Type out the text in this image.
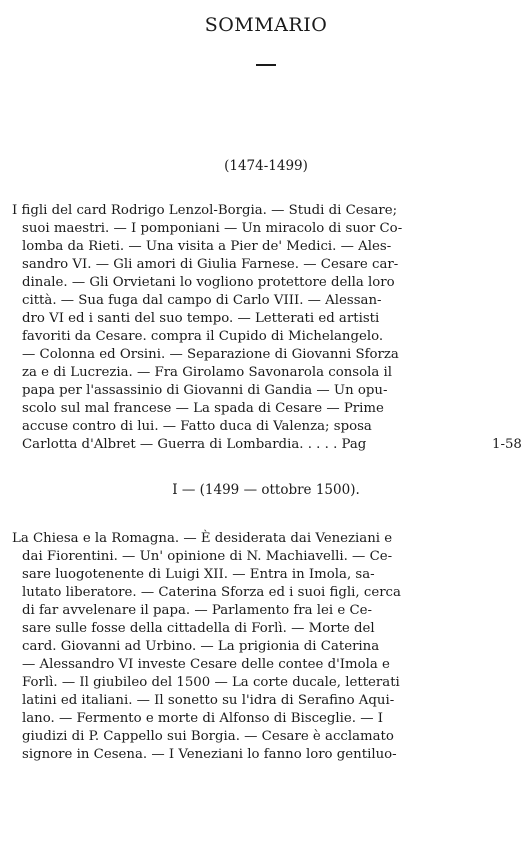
SOMMARIO
(1474-1499)
I figli del card Rodrigo Lenzol-Borgia. — Studi di Cesare;
suoi maestri. — I pomponiani — Un miracolo di suor Co-
lomba da Rieti. — Una visita a Pier de' Medici. — Ales-
sandro VI. — Gli amori di Giulia Farnese. — Cesare car-
dinale. — Gli Orvietani lo vogliono protettore della loro
città. — Sua fuga dal campo di Carlo VIII. — Alessan-
dro VI ed i santi del suo tempo. — Letterati ed artisti
favoriti da Cesare. compra il Cupido di Michelangelo.
— Colonna ed Orsini. — Separazione di Giovanni Sforza
za e di Lucrezia. — Fra Girolamo Savonarola consola il
papa per l'assassinio di Giovanni di Gandia — Un opu-
scolo sul mal francese — La spada di Cesare — Prime
accuse contro di lui. — Fatto duca di Valenza; sposa
Carlotta d'Albret — Guerra di Lombardia. . . . . Pag	1-58
I — (1499 — ottobre 1500).
La Chiesa e la Romagna. — È desiderata dai Veneziani e
dai Fiorentini. — Un' opinione di N. Machiavelli. — Ce-
sare luogotenente di Luigi XII. — Entra in Imola, sa-
lutato liberatore. — Caterina Sforza ed i suoi figli, cerca
di far avvelenare il papa. — Parlamento fra lei e Ce-
sare sulle fosse della cittadella di Forlì. — Morte del
card. Giovanni ad Urbino. — La prigionia di Caterina
— Alessandro VI investe Cesare delle contee d'Imola e
Forlì. — Il giubileo del 1500 — La corte ducale, letterati
latini ed italiani. — Il sonetto su l'idra di Serafino Aqui-
lano. — Fermento e morte di Alfonso di Bisceglie. — I
giudizi di P. Cappello sui Borgia. — Cesare è acclamato
signore in Cesena. — I Veneziani lo fanno loro gentiluo-
